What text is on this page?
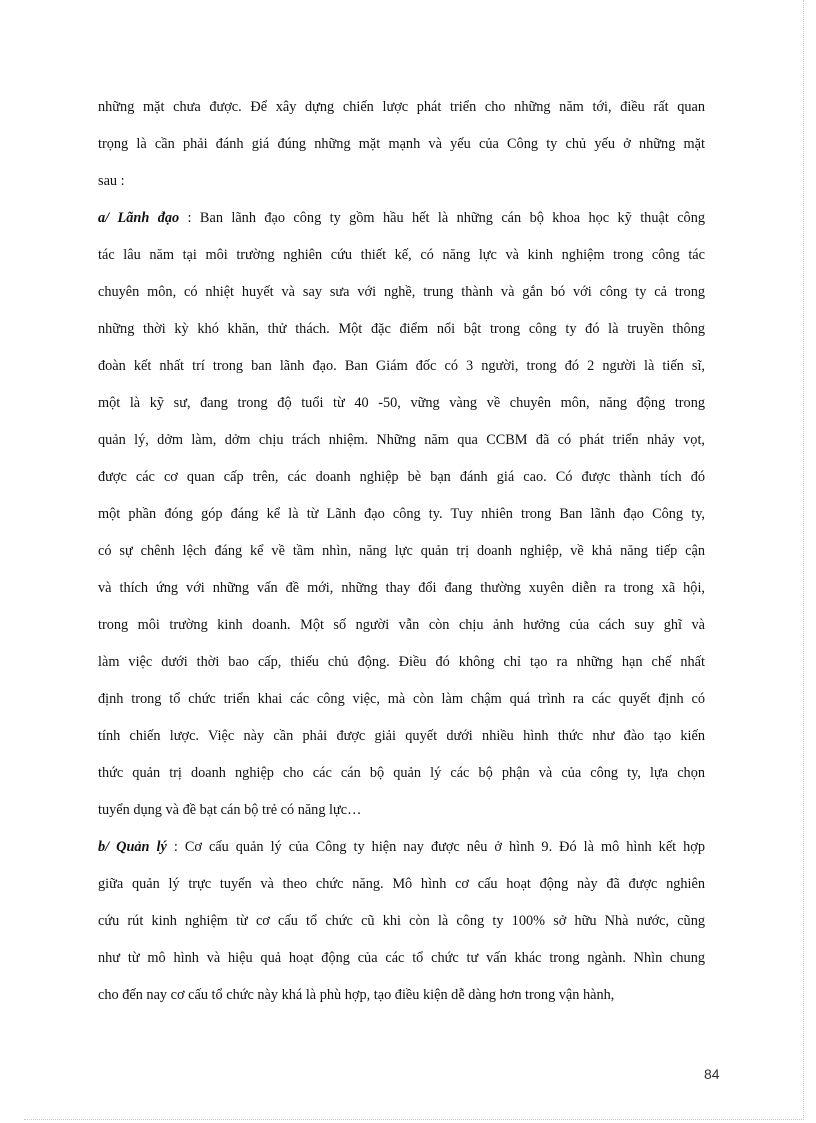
những mặt chưa được. Để xây dựng chiến lược phát triển cho những năm tới, điều rất quan
trọng là cần phải đánh giá đúng những mặt mạnh và yếu của Công ty chủ yếu ở những mặt
sau :
a/ Lãnh đạo : Ban lãnh đạo công ty gồm hầu hết là những cán bộ khoa học kỹ thuật công
tác lâu năm tại môi trường nghiên cứu thiết kế, có năng lực và kinh nghiệm trong công tác
chuyên môn, có nhiệt huyết và say sưa với nghề, trung thành và gắn bó với công ty cả trong
những thời kỳ khó khăn, thử thách. Một đặc điểm nổi bật trong công ty đó là truyền thông
đoàn kết nhất trí trong ban lãnh đạo. Ban Giám đốc có 3 người, trong đó 2 người là tiến sĩ,
một là kỹ sư, đang trong độ tuổi từ 40 -50, vững vàng về chuyên môn, năng động trong
quản lý, dởm làm, dởm chịu trách nhiệm. Những năm qua CCBM đã có phát triển nhảy vọt,
được các cơ quan cấp trên, các doanh nghiệp bè bạn đánh giá cao. Có được thành tích đó
một phần đóng góp đáng kể là từ Lãnh đạo công ty. Tuy nhiên trong Ban lãnh đạo Công ty,
có sự chênh lệch đáng kể về tầm nhìn, năng lực quản trị doanh nghiệp, về khả năng tiếp cận
và thích ứng với những vấn đề mới, những thay đổi đang thường xuyên diễn ra trong xã hội,
trong môi trường kinh doanh. Một số người vẫn còn chịu ảnh hưởng của cách suy ghĩ và
làm việc dưới thời bao cấp, thiếu chủ động. Điều đó không chỉ tạo ra những hạn chế nhất
định trong tổ chức triển khai các công việc, mà còn làm chậm quá trình ra các quyết định có
tính chiến lược. Việc này cần phải được giải quyết dưới nhiều hình thức như đào tạo kiến
thức quản trị doanh nghiệp cho các cán bộ quản lý các bộ phận và của công ty, lựa chọn
tuyển dụng và đề bạt cán bộ trẻ có năng lực…
b/ Quản lý : Cơ cấu quản lý của Công ty hiện nay được nêu ở hình 9. Đó là mô hình kết hợp
giữa quản lý trực tuyến và theo chức năng. Mô hình cơ cấu hoạt động này đã được nghiên
cứu rút kinh nghiệm từ cơ cấu tổ chức cũ khi còn là công ty 100% sở hữu Nhà nước, cũng
như từ mô hình và hiệu quả hoạt động của các tổ chức tư vấn khác trong ngành. Nhìn chung
cho đến nay cơ cấu tổ chức này khá là phù hợp, tạo điều kiện dễ dàng hơn trong vận hành,
84
